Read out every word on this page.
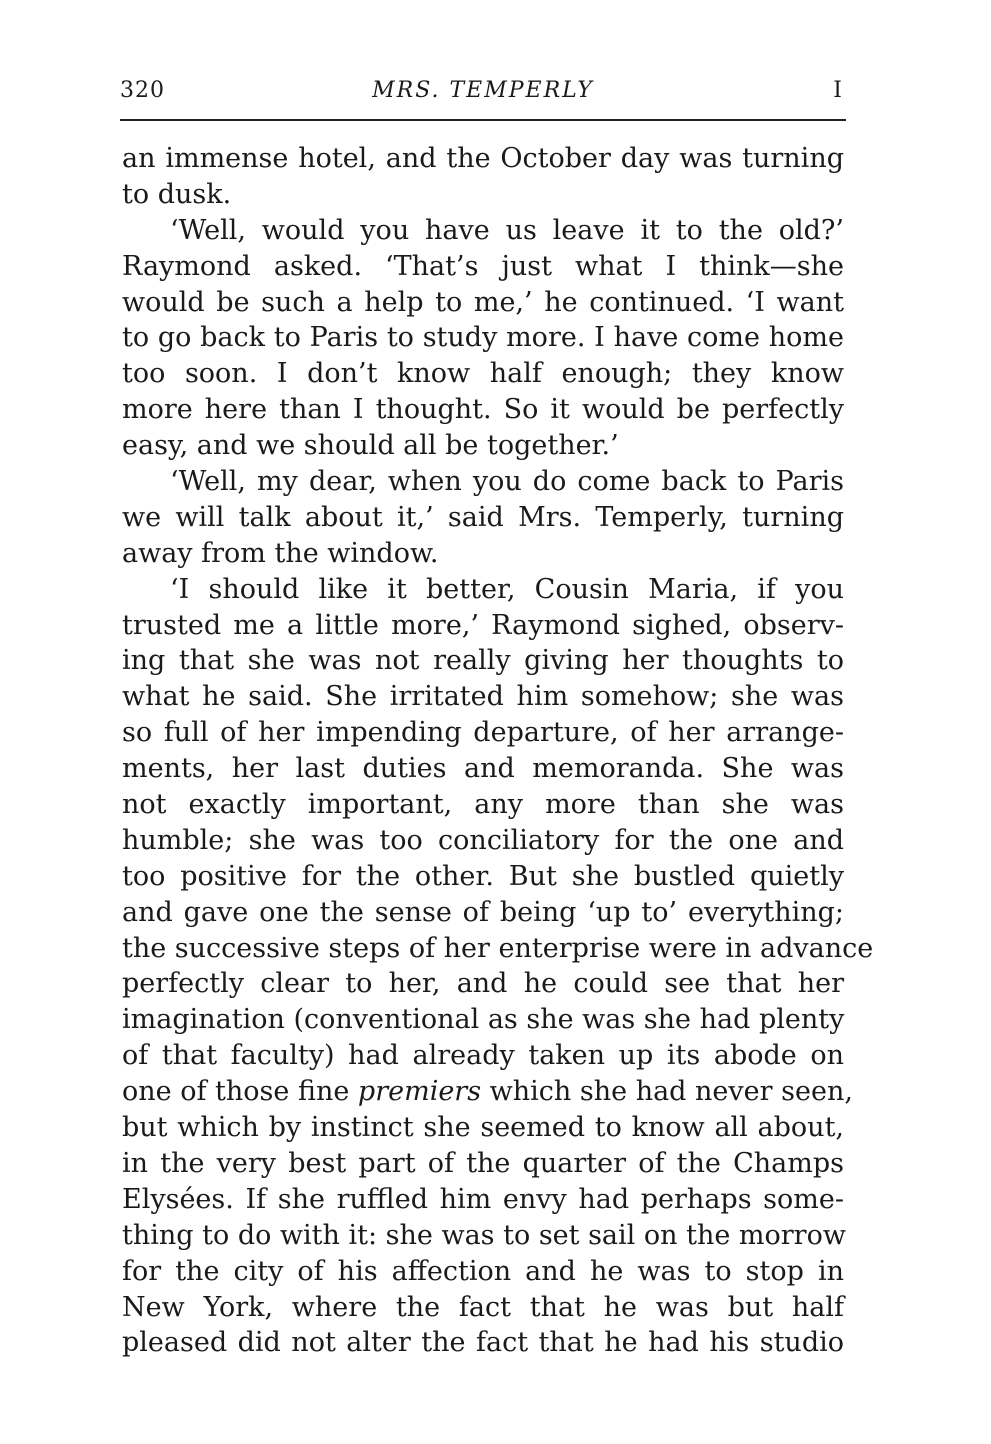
320	MRS. TEMPERLY	I
an immense hotel, and the October day was turning
to dusk.
‘Well, would you have us leave it to the old?’
Raymond asked. ‘That’s just what I think—she
would be such a help to me,’ he continued. ‘I want
to go back to Paris to study more. I have come home
too soon. I don’t know half enough; they know
more here than I thought. So it would be perfectly
easy, and we should all be together.’
‘Well, my dear, when you do come back to Paris
we will talk about it,’ said Mrs. Temperly, turning
away from the window.
‘I should like it better, Cousin Maria, if you
trusted me a little more,’ Raymond sighed, observ-
ing that she was not really giving her thoughts to
what he said. She irritated him somehow; she was
so full of her impending departure, of her arrange-
ments, her last duties and memoranda. She was
not exactly important, any more than she was
humble; she was too conciliatory for the one and
too positive for the other. But she bustled quietly
and gave one the sense of being ‘up to’ everything;
the successive steps of her enterprise were in advance
perfectly clear to her, and he could see that her
imagination (conventional as she was she had plenty
of that faculty) had already taken up its abode on
one of those fine premiers which she had never seen,
but which by instinct she seemed to know all about,
in the very best part of the quarter of the Champs
Elysées. If she ruffled him envy had perhaps some-
thing to do with it: she was to set sail on the morrow
for the city of his affection and he was to stop in
New York, where the fact that he was but half
pleased did not alter the fact that he had his studio
